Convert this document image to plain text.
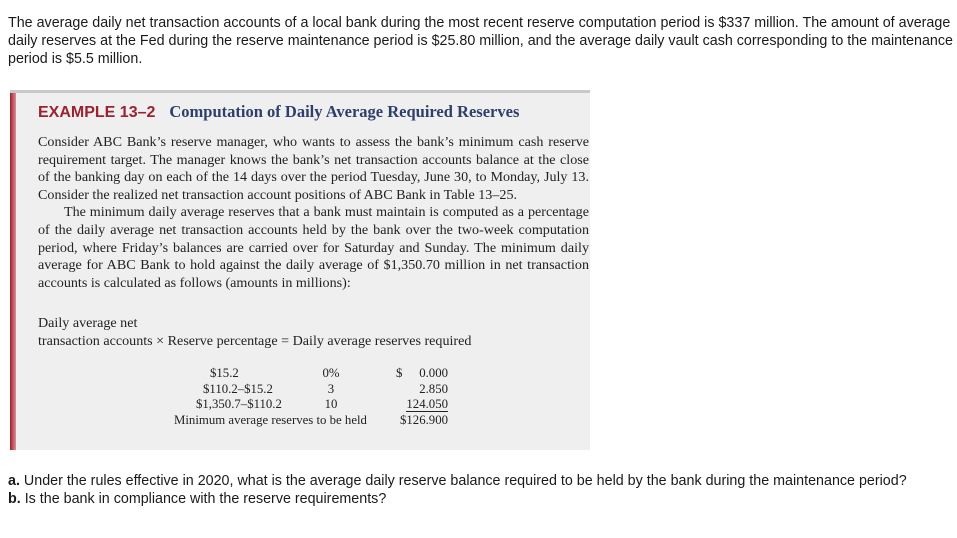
The average daily net transaction accounts of a local bank during the most recent reserve computation period is $337 million. The amount of average daily reserves at the Fed during the reserve maintenance period is $25.80 million, and the average daily vault cash corresponding to the maintenance period is $5.5 million.
EXAMPLE 13–2 Computation of Daily Average Required Reserves

Consider ABC Bank’s reserve manager, who wants to assess the bank’s minimum cash reserve requirement target. The manager knows the bank’s net transaction accounts balance at the close of the banking day on each of the 14 days over the period Tuesday, June 30, to Monday, July 13. Consider the realized net transaction account positions of ABC Bank in Table 13–25.

The minimum daily average reserves that a bank must maintain is computed as a percentage of the daily average net transaction accounts held by the bank over the two-week computation period, where Friday’s balances are carried over for Saturday and Sunday. The minimum daily average for ABC Bank to hold against the daily average of $1,350.70 million in net transaction accounts is calculated as follows (amounts in millions):

Daily average net
transaction accounts × Reserve percentage = Daily average reserves required
$15.2	0%	$ 0.000
$110.2–$15.2	3	2.850
$1,350.7–$110.2	10	124.050
Minimum average reserves to be held	$126.900

a. Under the rules effective in 2020, what is the average daily reserve balance required to be held by the bank during the maintenance period?

b. Is the bank in compliance with the reserve requirements?
